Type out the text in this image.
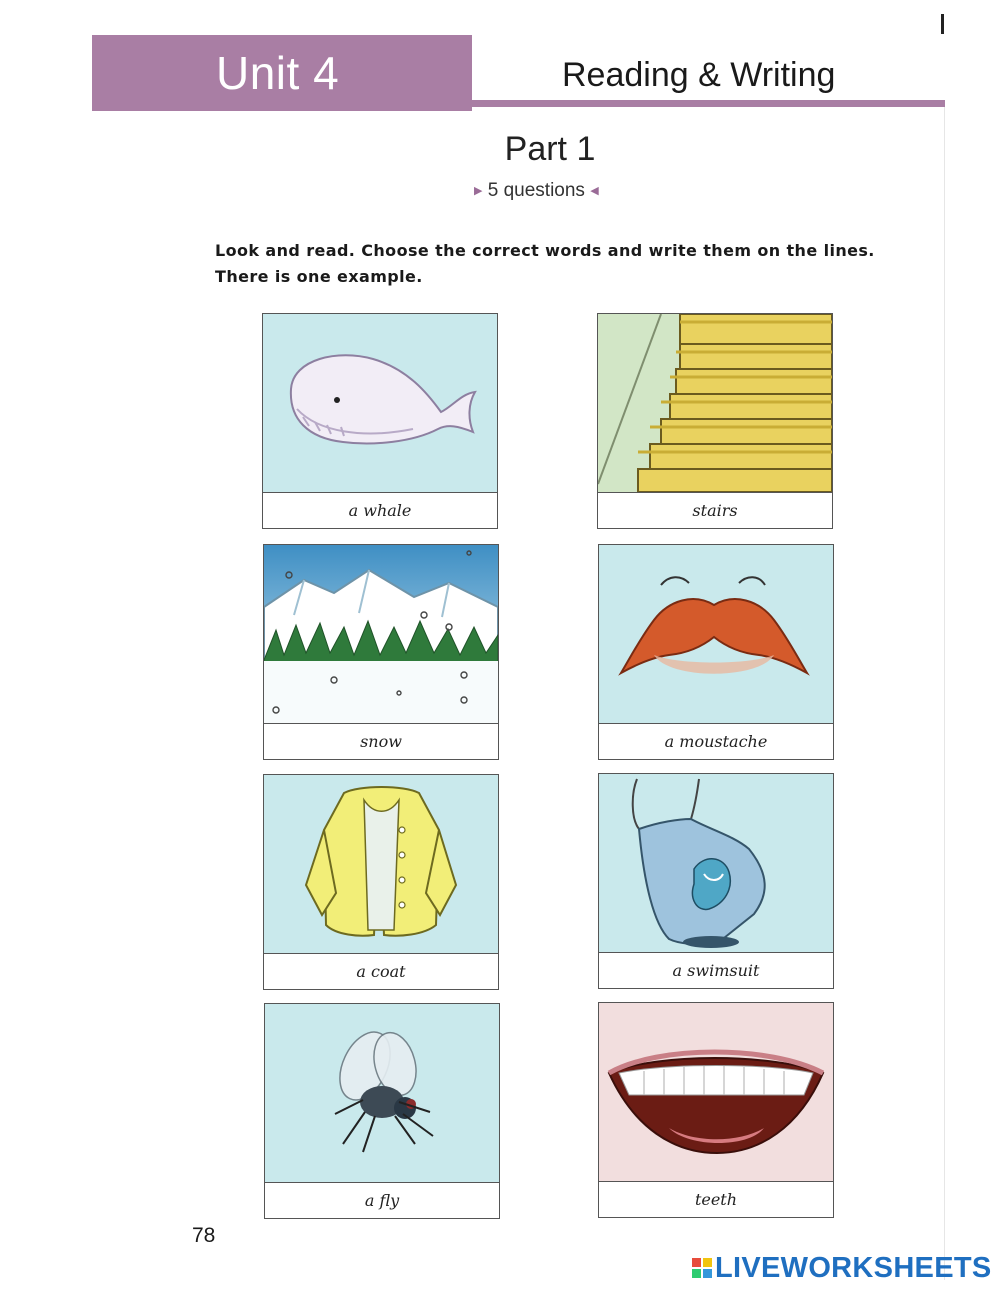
Unit 4	Reading & Writing
Part 1
▶ 5 questions ◀
Look and read. Choose the correct words and write them on the lines.
There is one example.
a whale	stairs
snow	a moustache
a coat	a swimsuit
a fly	teeth
78
LIVEWORKSHEETS
